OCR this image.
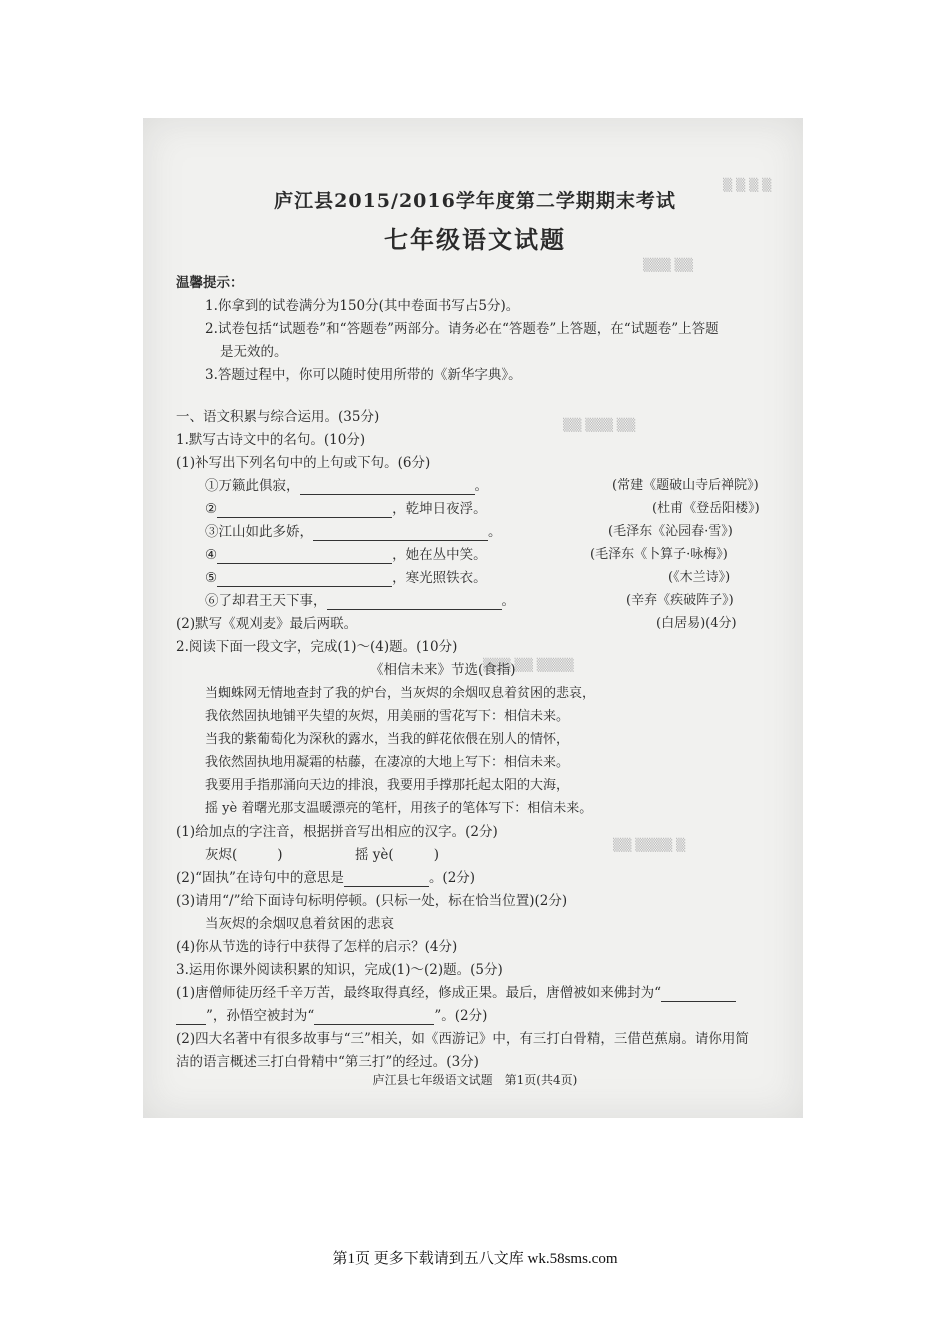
▒ ▒ ▒ ▒
▒▒▒ ▒▒
▒▒ ▒▒▒ ▒▒
▒▒▒ ▒▒ ▒▒▒▒
▒▒ ▒▒▒▒ ▒
庐江县2015/2016学年度第二学期期末考试
七年级语文试题
温馨提示：
1.你拿到的试卷满分为150分(其中卷面书写占5分)。
2.试卷包括“试题卷”和“答题卷”两部分。请务必在“答题卷”上答题，在“试题卷”上答题
是无效的。
3.答题过程中，你可以随时使用所带的《新华字典》。
一、语文积累与综合运用。(35分)
1.默写古诗文中的名句。(10分)
(1)补写出下列名句中的上句或下句。(6分)
①万籁此俱寂，	。	(常建《题破山寺后禅院》)
②	，乾坤日夜浮。	(杜甫《登岳阳楼》)
③江山如此多娇，	。	(毛泽东《沁园春·雪》)
④	，她在丛中笑。	(毛泽东《卜算子·咏梅》)
⑤	，寒光照铁衣。	(《木兰诗》)
⑥了却君王天下事，	。	(辛弃《疾破阵子》)
(2)默写《观刈麦》最后两联。	(白居易)(4分)
2.阅读下面一段文字，完成(1)～(4)题。(10分)
《相信未来》节选(食指)
当蜘蛛网无情地查封了我的炉台，当灰烬的余烟叹息着贫困的悲哀，
我依然固执地铺平失望的灰烬，用美丽的雪花写下：相信未来。
当我的紫葡萄化为深秋的露水，当我的鲜花依偎在别人的情怀，
我依然固执地用凝霜的枯藤，在凄凉的大地上写下：相信未来。
我要用手指那涌向天边的排浪，我要用手撑那托起太阳的大海，
摇 yè 着曙光那支温暖漂亮的笔杆，用孩子的笔体写下：相信未来。
(1)给加点的字注音，根据拼音写出相应的汉字。(2分)
灰烬(	)	摇 yè(	)
(2)“固执”在诗句中的意思是	。(2分)
(3)请用“/”给下面诗句标明停顿。(只标一处，标在恰当位置)(2分)
当灰烬的余烟叹息着贫困的悲哀
(4)你从节选的诗行中获得了怎样的启示？(4分)
3.运用你课外阅读积累的知识，完成(1)～(2)题。(5分)
(1)唐僧师徒历经千辛万苦，最终取得真经，修成正果。最后，唐僧被如来佛封为“
”，孙悟空被封为“	”。(2分)
(2)四大名著中有很多故事与“三”相关，如《西游记》中，有三打白骨精，三借芭蕉扇。请你用简
洁的语言概述三打白骨精中“第三打”的经过。(3分)
庐江县七年级语文试题　第1页(共4页)
第1页 更多下载请到五八文库 wk.58sms.com
